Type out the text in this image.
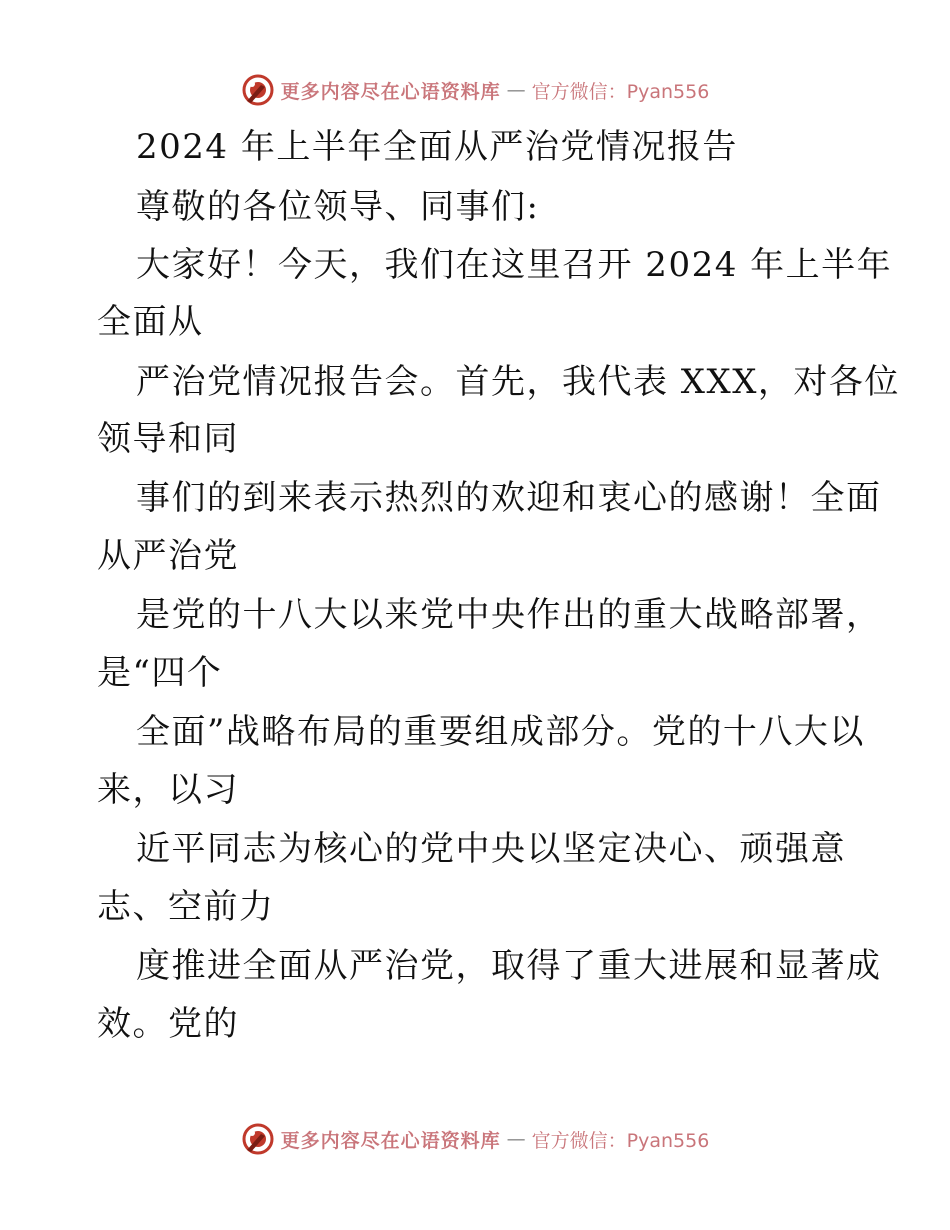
更多内容尽在心语资料库 — 官方微信：Pyan556
2024 年上半年全面从严治党情况报告
尊敬的各位领导、同事们:
大家好！今天，我们在这里召开 2024 年上半年
全面从
严治党情况报告会。首先，我代表 XXX，对各位
领导和同
事们的到来表示热烈的欢迎和衷心的感谢！全面
从严治党
是党的十八大以来党中央作出的重大战略部署，
是“四个
全面”战略布局的重要组成部分。党的十八大以
来，以习
近平同志为核心的党中央以坚定决心、顽强意
志、空前力
度推进全面从严治党，取得了重大进展和显著成
效。党的
更多内容尽在心语资料库 — 官方微信：Pyan556
